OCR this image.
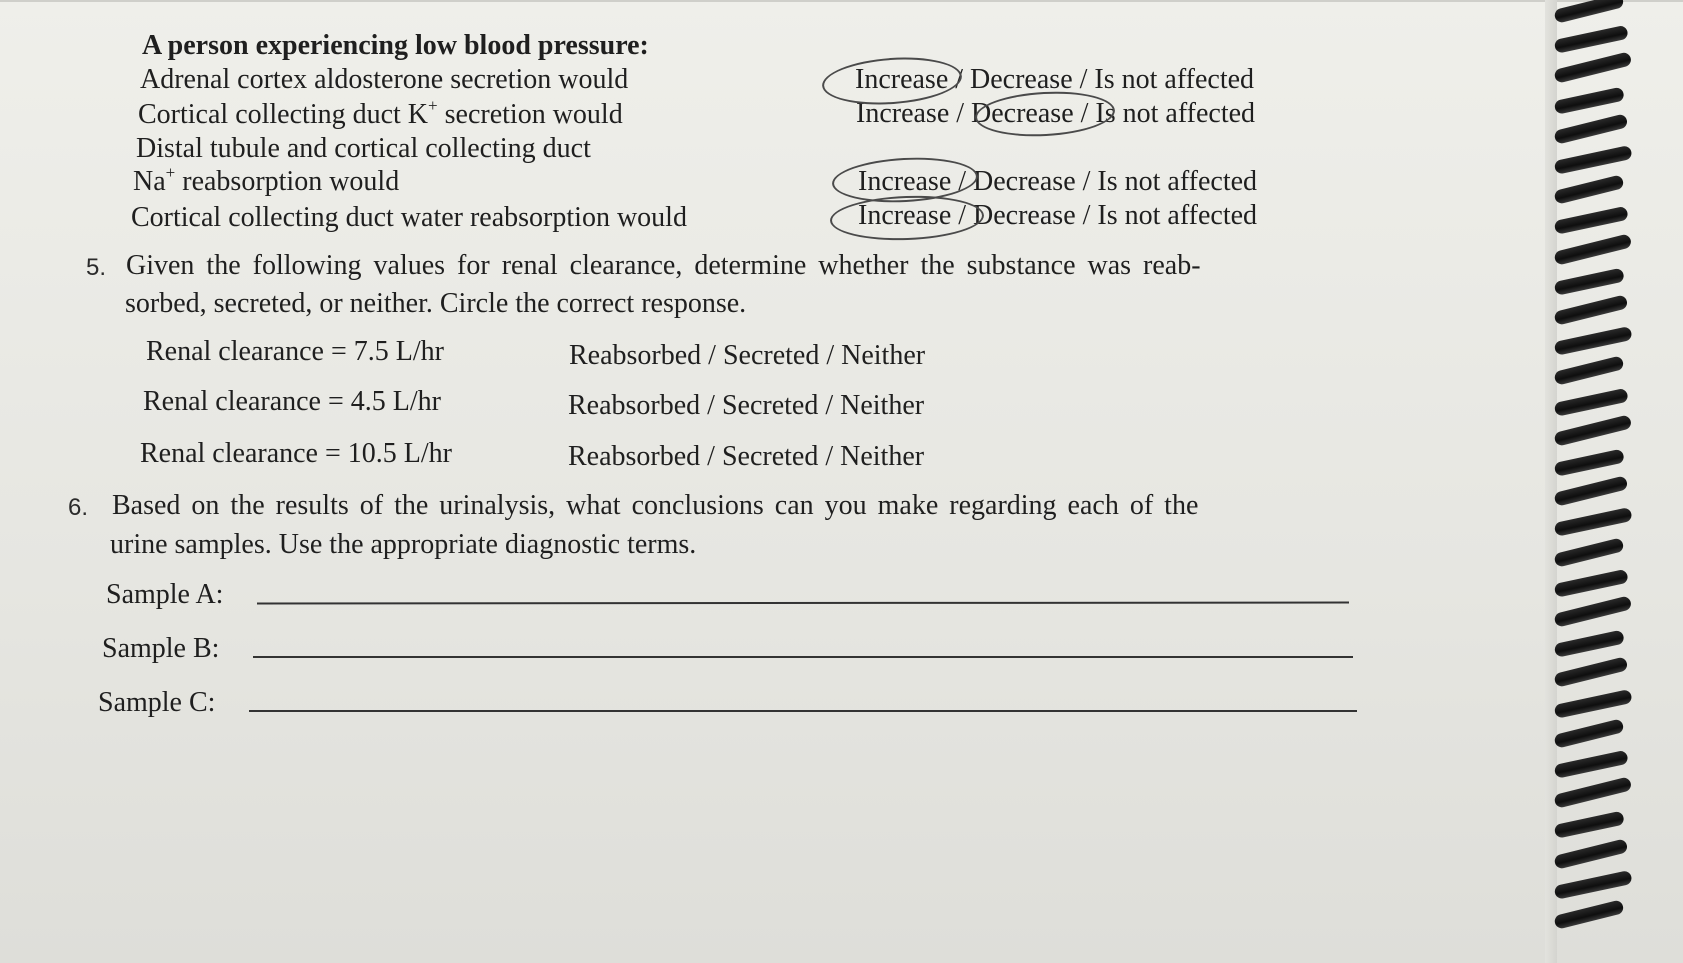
A person experiencing low blood pressure:
Adrenal cortex aldosterone secretion would	Increase / Decrease / Is not affected
Cortical collecting duct K+ secretion would	Increase / Decrease / Is not affected
Distal tubule and cortical collecting duct
Na+ reabsorption would	Increase / Decrease / Is not affected
Cortical collecting duct water reabsorption would	Increase / Decrease / Is not affected
5. Given the following values for renal clearance, determine whether the substance was reab-
sorbed, secreted, or neither. Circle the correct response.
Renal clearance = 7.5 L/hr	Reabsorbed / Secreted / Neither
Renal clearance = 4.5 L/hr	Reabsorbed / Secreted / Neither
Renal clearance = 10.5 L/hr	Reabsorbed / Secreted / Neither
6. Based on the results of the urinalysis, what conclusions can you make regarding each of the
urine samples. Use the appropriate diagnostic terms.
Sample A:
Sample B:
Sample C:
